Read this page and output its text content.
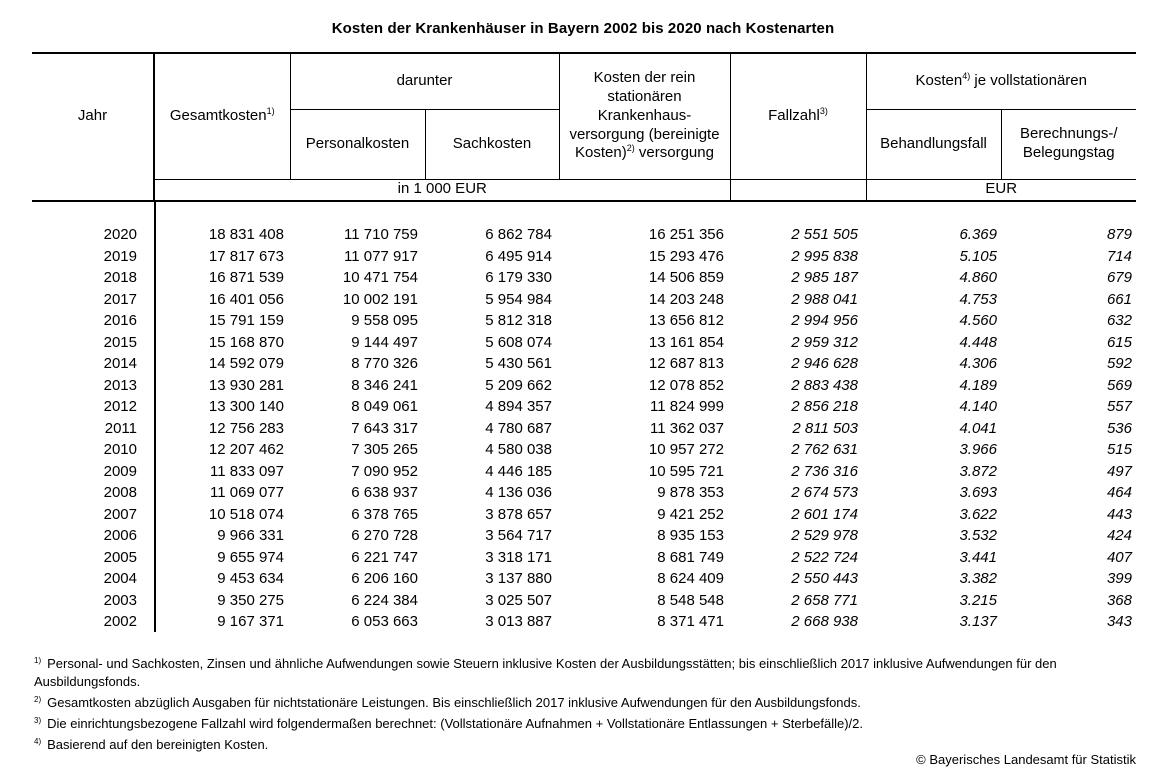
Kosten der Krankenhäuser in Bayern 2002 bis 2020 nach Kostenarten
Jahr	Gesamtkosten$^{1)}$	darunter		Kosten der rein stationären Krankenhaus-versorgung (bereinigte Kosten)$^{2)}$ versorgung	Fallzahl$^{3)}$	Kosten$^{4)}$ je vollstationären	
		Personalkosten	Sachkosten			Behandlungsfall	Berechnungs-/ Belegungstag
	in 1 000 EUR					EUR	
2020	18 831 408	11 710 759	6 862 784	16 251 356	2 551 505	6.369	879
2019	17 817 673	11 077 917	6 495 914	15 293 476	2 995 838	5.105	714
2018	16 871 539	10 471 754	6 179 330	14 506 859	2 985 187	4.860	679
2017	16 401 056	10 002 191	5 954 984	14 203 248	2 988 041	4.753	661
2016	15 791 159	9 558 095	5 812 318	13 656 812	2 994 956	4.560	632
2015	15 168 870	9 144 497	5 608 074	13 161 854	2 959 312	4.448	615
2014	14 592 079	8 770 326	5 430 561	12 687 813	2 946 628	4.306	592
2013	13 930 281	8 346 241	5 209 662	12 078 852	2 883 438	4.189	569
2012	13 300 140	8 049 061	4 894 357	11 824 999	2 856 218	4.140	557
2011	12 756 283	7 643 317	4 780 687	11 362 037	2 811 503	4.041	536
2010	12 207 462	7 305 265	4 580 038	10 957 272	2 762 631	3.966	515
2009	11 833 097	7 090 952	4 446 185	10 595 721	2 736 316	3.872	497
2008	11 069 077	6 638 937	4 136 036	9 878 353	2 674 573	3.693	464
2007	10 518 074	6 378 765	3 878 657	9 421 252	2 601 174	3.622	443
2006	9 966 331	6 270 728	3 564 717	8 935 153	2 529 978	3.532	424
2005	9 655 974	6 221 747	3 318 171	8 681 749	2 522 724	3.441	407
2004	9 453 634	6 206 160	3 137 880	8 624 409	2 550 443	3.382	399
2003	9 350 275	6 224 384	3 025 507	8 548 548	2 658 771	3.215	368
2002	9 167 371	6 053 663	3 013 887	8 371 471	2 668 938	3.137	343
$^{1)}$ Personal- und Sachkosten, Zinsen und ähnliche Aufwendungen sowie Steuern inklusive Kosten der Ausbildungsstätten; bis einschließlich 2017 inklusive Aufwendungen für den Ausbildungsfonds.
$^{2)}$ Gesamtkosten abzüglich Ausgaben für nichtstationäre Leistungen. Bis einschließlich 2017 inklusive Aufwendungen für den Ausbildungsfonds.
$^{3)}$ Die einrichtungsbezogene Fallzahl wird folgendermaßen berechnet: (Vollstationäre Aufnahmen + Vollstationäre Entlassungen + Sterbefälle)/2.
$^{4)}$ Basierend auf den bereinigten Kosten.
© Bayerisches Landesamt für Statistik
